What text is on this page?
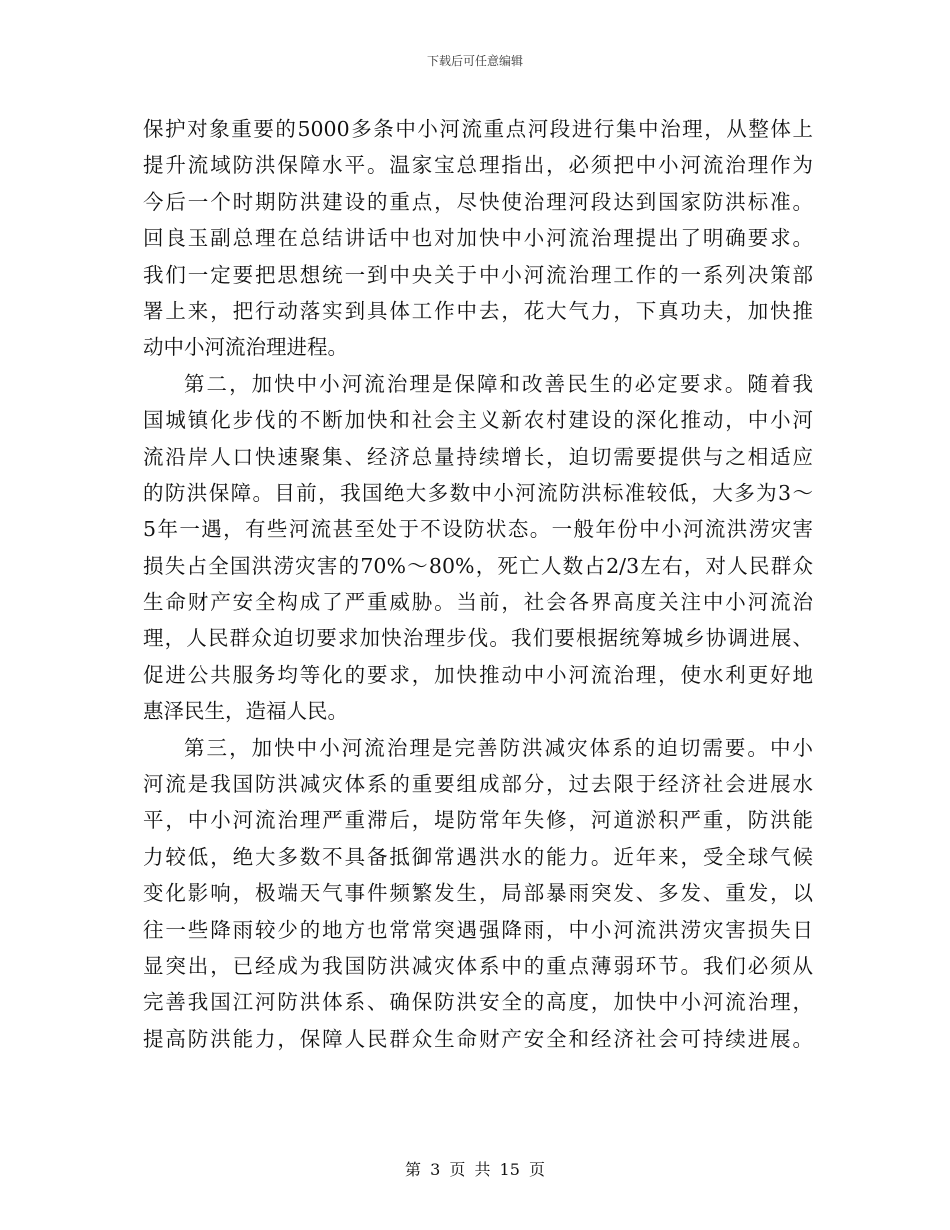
下载后可任意编辑
保护对象重要的5000多条中小河流重点河段进行集中治理，从整体上
提升流域防洪保障水平。温家宝总理指出，必须把中小河流治理作为
今后一个时期防洪建设的重点，尽快使治理河段达到国家防洪标准。
回良玉副总理在总结讲话中也对加快中小河流治理提出了明确要求。
我们一定要把思想统一到中央关于中小河流治理工作的一系列决策部
署上来，把行动落实到具体工作中去，花大气力，下真功夫，加快推
动中小河流治理进程。
第二，加快中小河流治理是保障和改善民生的必定要求。随着我
国城镇化步伐的不断加快和社会主义新农村建设的深化推动，中小河
流沿岸人口快速聚集、经济总量持续增长，迫切需要提供与之相适应
的防洪保障。目前，我国绝大多数中小河流防洪标准较低，大多为3～
5年一遇，有些河流甚至处于不设防状态。一般年份中小河流洪涝灾害
损失占全国洪涝灾害的70%～80%，死亡人数占2/3左右，对人民群众
生命财产安全构成了严重威胁。当前，社会各界高度关注中小河流治
理，人民群众迫切要求加快治理步伐。我们要根据统筹城乡协调进展、
促进公共服务均等化的要求，加快推动中小河流治理，使水利更好地
惠泽民生，造福人民。
第三，加快中小河流治理是完善防洪减灾体系的迫切需要。中小
河流是我国防洪减灾体系的重要组成部分，过去限于经济社会进展水
平，中小河流治理严重滞后，堤防常年失修，河道淤积严重，防洪能
力较低，绝大多数不具备抵御常遇洪水的能力。近年来，受全球气候
变化影响，极端天气事件频繁发生，局部暴雨突发、多发、重发，以
往一些降雨较少的地方也常常突遇强降雨，中小河流洪涝灾害损失日
显突出，已经成为我国防洪减灾体系中的重点薄弱环节。我们必须从
完善我国江河防洪体系、确保防洪安全的高度，加快中小河流治理，
提高防洪能力，保障人民群众生命财产安全和经济社会可持续进展。
第 3 页 共 15 页
